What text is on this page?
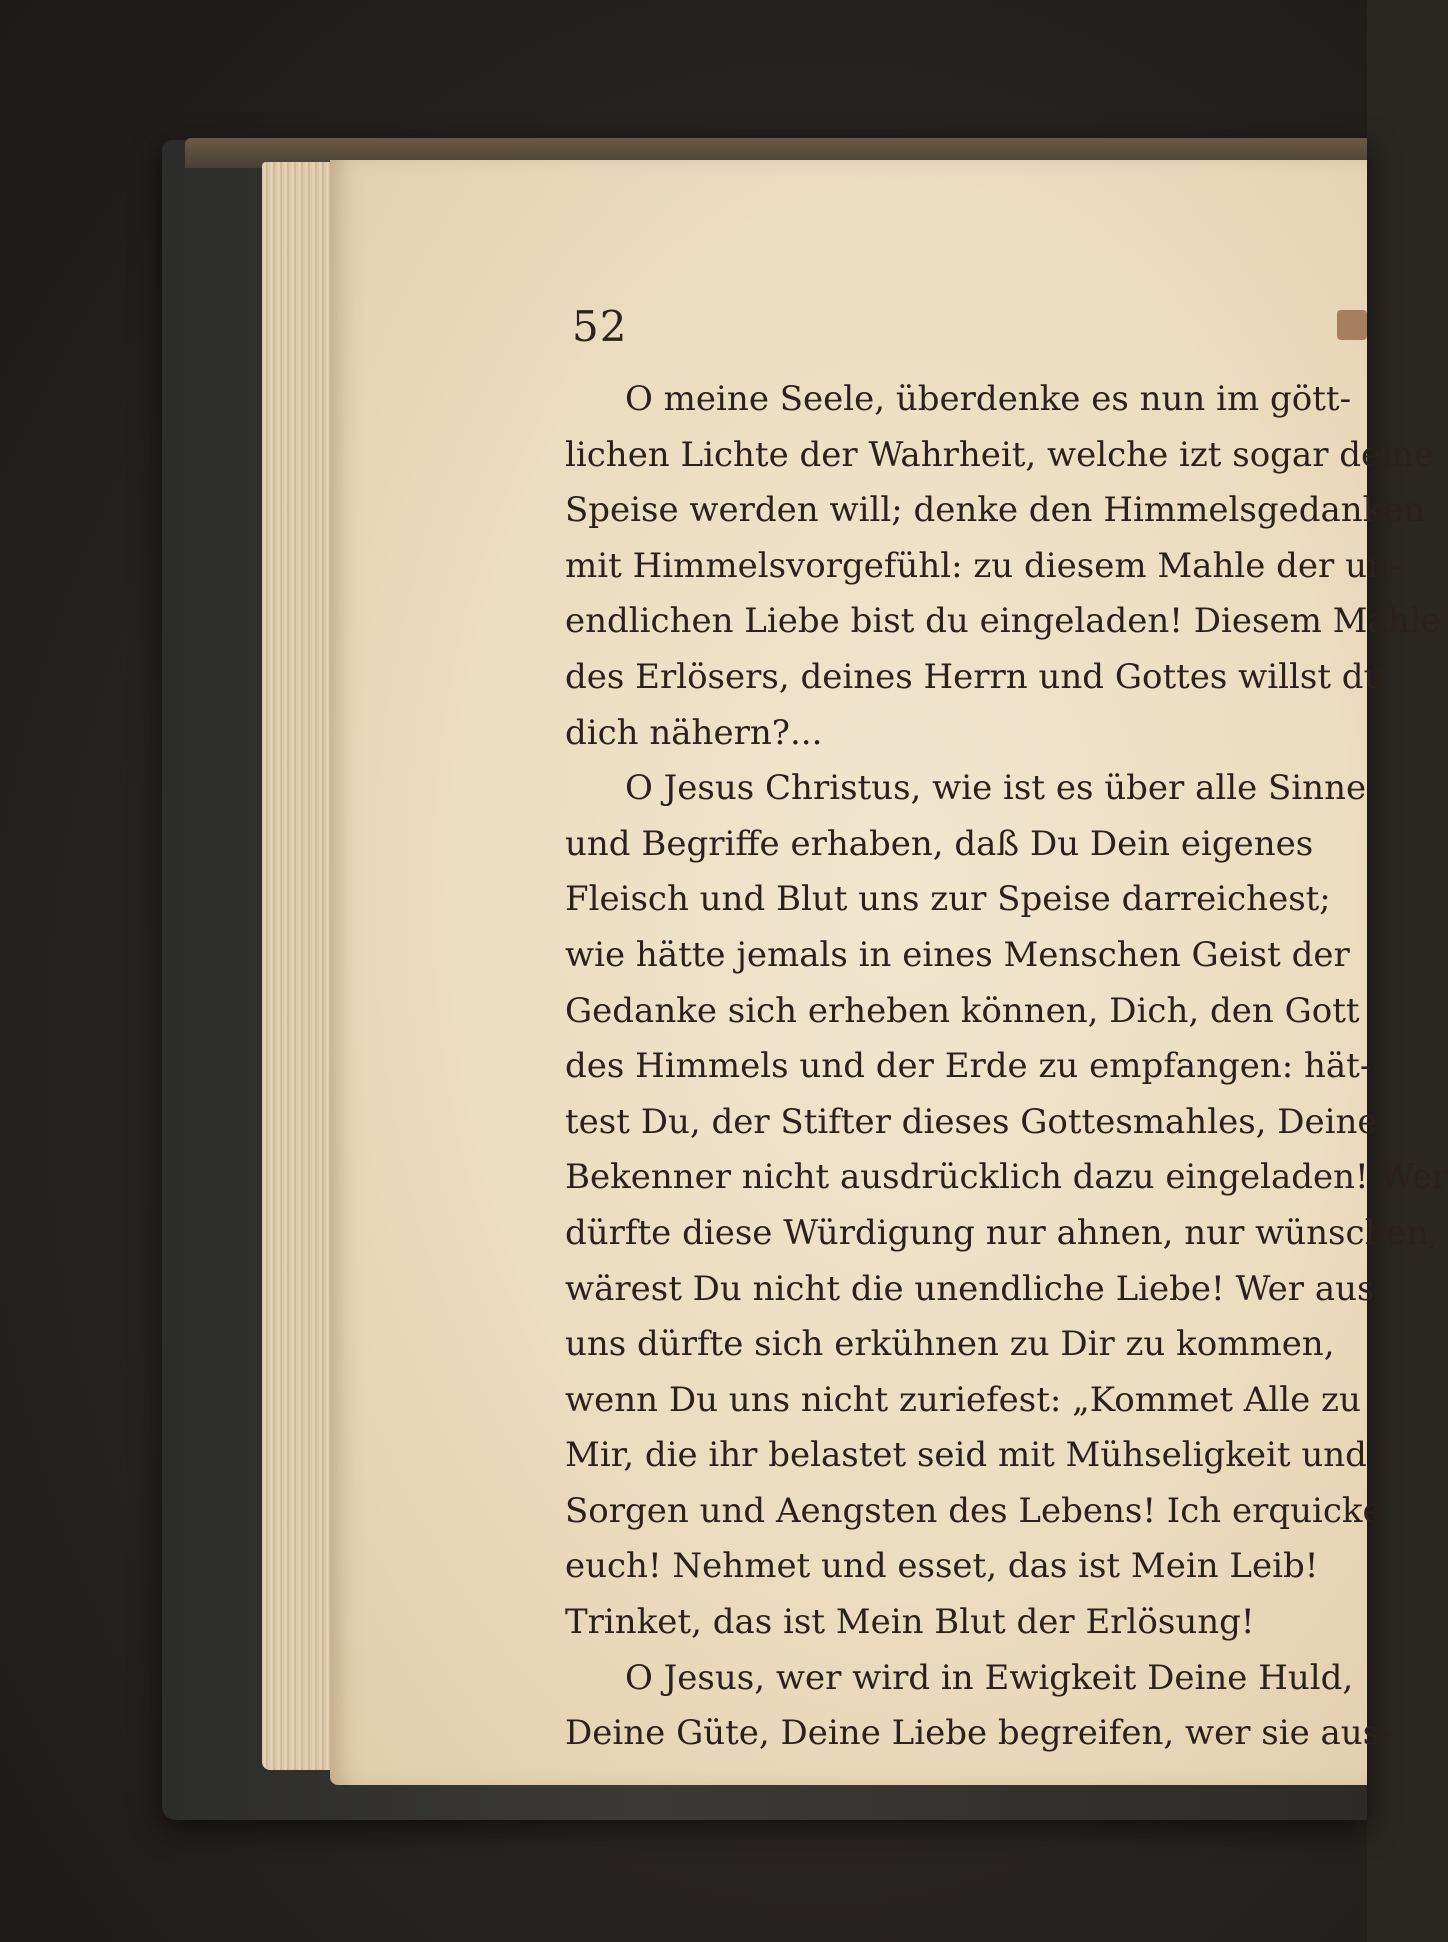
52
O meine Seele, überdenke es nun im gött-
lichen Lichte der Wahrheit, welche izt sogar deine
Speise werden will; denke den Himmelsgedanken
mit Himmelsvorgefühl: zu diesem Mahle der un-
endlichen Liebe bist du eingeladen! Diesem Mahle
des Erlösers, deines Herrn und Gottes willst du
dich nähern?...
O Jesus Christus, wie ist es über alle Sinne
und Begriffe erhaben, daß Du Dein eigenes
Fleisch und Blut uns zur Speise darreichest;
wie hätte jemals in eines Menschen Geist der
Gedanke sich erheben können, Dich, den Gott
des Himmels und der Erde zu empfangen: hät-
test Du, der Stifter dieses Gottesmahles, Deine
Bekenner nicht ausdrücklich dazu eingeladen! Wer
dürfte diese Würdigung nur ahnen, nur wünschen,
wärest Du nicht die unendliche Liebe! Wer aus
uns dürfte sich erkühnen zu Dir zu kommen,
wenn Du uns nicht zuriefest: „Kommet Alle zu
Mir, die ihr belastet seid mit Mühseligkeit und
Sorgen und Aengsten des Lebens! Ich erquicke
euch! Nehmet und esset, das ist Mein Leib!
Trinket, das ist Mein Blut der Erlösung!
O Jesus, wer wird in Ewigkeit Deine Huld,
Deine Güte, Deine Liebe begreifen, wer sie aus-
